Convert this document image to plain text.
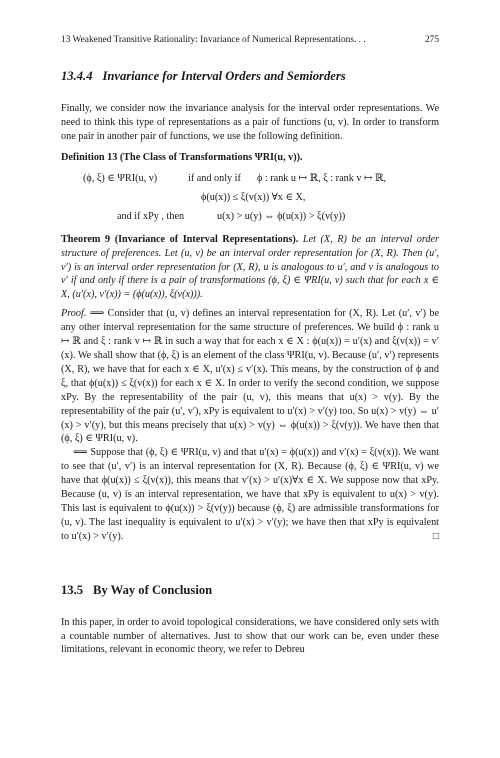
13 Weakened Transitive Rationality: Invariance of Numerical Representations. . .	275
13.4.4 Invariance for Interval Orders and Semiorders

Finally, we consider now the invariance analysis for the interval order representations. We need to think this type of representations as a pair of functions (u, v). In order to transform one pair in another pair of functions, we use the following definition.

Definition 13 (The Class of Transformations ΨRI(u, v)).
(ϕ, ξ) ∈ ΨRI(u, v)	if and only if ϕ : rank u ↦ ℝ, ξ : rank v ↦ ℝ,
ϕ(u(x)) ≤ ξ(v(x)) ∀x ∈ X,
and if xPy , then	u(x) > u(y) ⇔ ϕ(u(x)) > ξ(v(y))

Theorem 9 (Invariance of Interval Representations). Let (X, R) be an interval order structure of preferences. Let (u, v) be an interval order representation for (X, R). Then (u′, v′) is an interval order representation for (X, R), u is analogous to u′, and v is analogous to v′ if and only if there is a pair of transformations (ϕ, ξ) ∈ ΨRI(u, v) such that for each x ∈ X, (u′(x), v′(x)) = (ϕ(u(x)), ξ(v(x))).

Proof. ⟹ Consider that (u, v) defines an interval representation for (X, R). Let (u′, v′) be any other interval representation for the same structure of preferences. We build ϕ : rank u ↦ ℝ and ξ : rank v ↦ ℝ in such a way that for each x ∈ X : ϕ(u(x)) = u′(x) and ξ(v(x)) = v′(x). We shall show that (ϕ, ξ) is an element of the class ΨRI(u, v). Because (u′, v′) represents (X, R), we have that for each x ∈ X, u′(x) ≤ v′(x). This means, by the construction of ϕ and ξ, that ϕ(u(x)) ≤ ξ(v(x)) for each x ∈ X. In order to verify the second condition, we suppose xPy. By the representability of the pair (u, v), this means that u(x) > v(y). By the representability of the pair (u′, v′), xPy is equivalent to u′(x) > v′(y) too. So u(x) > v(y) ⇔ u′(x) > v′(y), but this means precisely that u(x) > v(y) ⇔ ϕ(u(x)) > ξ(v(y)). We have then that (ϕ, ξ) ∈ ΨRI(u, v).

⟸ Suppose that (ϕ, ξ) ∈ ΨRI(u, v) and that u′(x) = ϕ(u(x)) and v′(x) = ξ(v(x)). We want to see that (u′, v′) is an interval representation for (X, R). Because (ϕ, ξ) ∈ ΨRI(u, v) we have that ϕ(u(x)) ≤ ξ(v(x)), this means that v′(x) > u′(x)∀x ∈ X. We suppose now that xPy. Because (u, v) is an interval representation, we have that xPy is equivalent to u(x) > v(y). This last is equivalent to ϕ(u(x)) > ξ(v(y)) because (ϕ, ξ) are admissible transformations for (u, v). The last inequality is equivalent to u′(x) > v′(y); we have then that xPy is equivalent to u′(x) > v′(y).	□

13.5 By Way of Conclusion

In this paper, in order to avoid topological considerations, we have considered only sets with a countable number of alternatives. Just to show that our work can be, even under these limitations, relevant in economic theory, we refer to Debreu
